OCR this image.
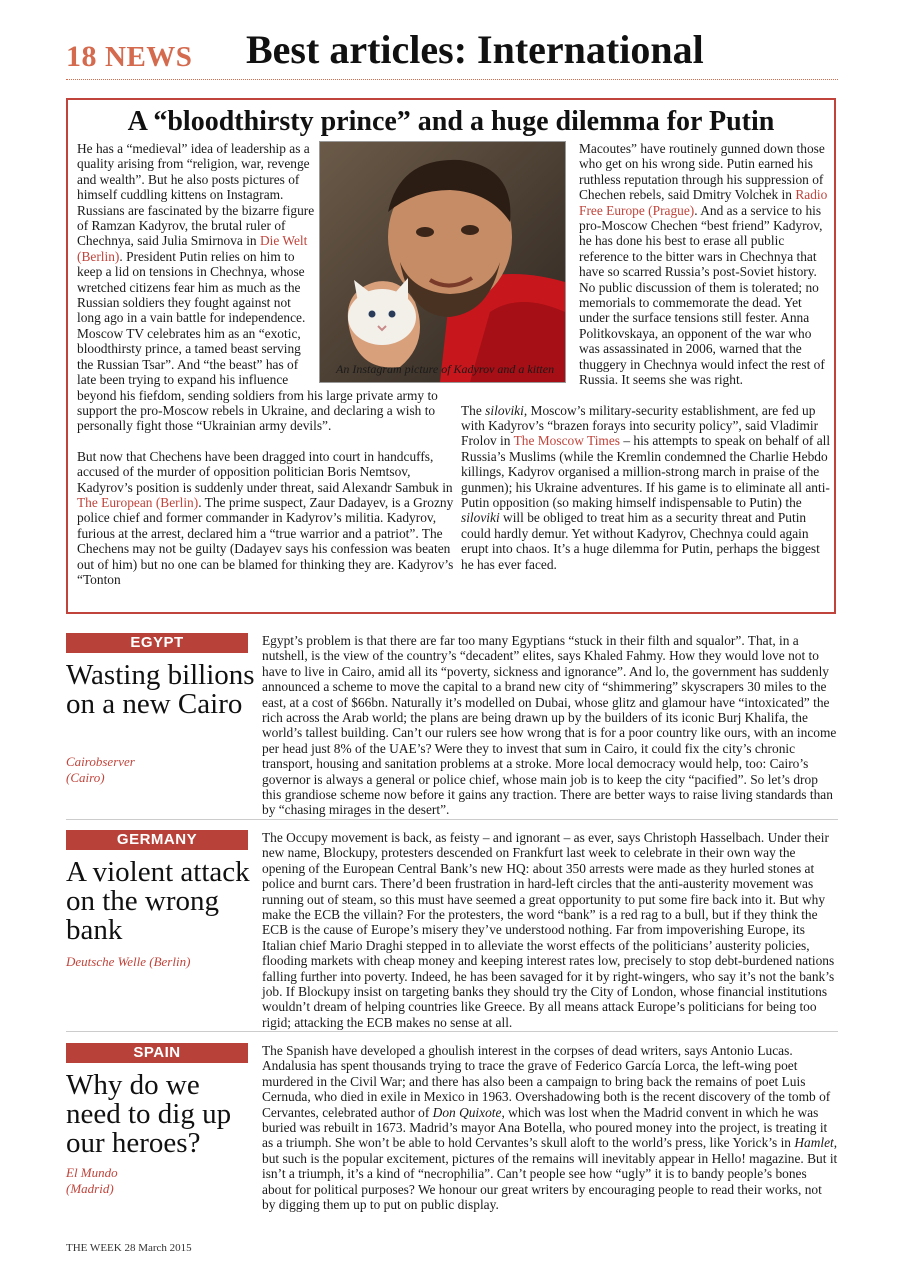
18 NEWS Best articles: International
A “bloodthirsty prince” and a huge dilemma for Putin

He has a “medieval” idea of leadership as a quality arising from “religion, war, revenge and wealth”. But he also posts pictures of himself cuddling kittens on Instagram. Russians are fascinated by the bizarre figure of Ramzan Kadyrov, the brutal ruler of Chechnya, said Julia Smirnova in Die Welt (Berlin). President Putin relies on him to keep a lid on tensions in Chechnya, whose wretched citizens fear him as much as the Russian soldiers they fought against not long ago in a vain battle for independence. Moscow TV celebrates him as an “exotic, bloodthirsty prince, a tamed beast serving the Russian Tsar”. And “the beast” has of late been trying to expand his influence beyond his fiefdom, sending soldiers from his large private army to support the pro-Moscow rebels in Ukraine, and declaring a wish to personally fight those “Ukrainian army devils”.

But now that Chechens have been dragged into court in handcuffs, accused of the murder of opposition politician Boris Nemtsov, Kadyrov’s position is suddenly under threat, said Alexandr Sambuk in The European (Berlin). The prime suspect, Zaur Dadayev, is a Grozny police chief and former commander in Kadyrov’s militia. Kadyrov, furious at the arrest, declared him a “true warrior and a patriot”. The Chechens may not be guilty (Dadayev says his confession was beaten out of him) but no one can be blamed for thinking they are. Kadyrov’s “Tonton

Macoutes” have routinely gunned down those who get on his wrong side. Putin earned his ruthless reputation through his suppression of Chechen rebels, said Dmitry Volchek in Radio Free Europe (Prague). And as a service to his pro-Moscow Chechen “best friend” Kadyrov, he has done his best to erase all public reference to the bitter wars in Chechnya that have so scarred Russia’s post-Soviet history. No public discussion of them is tolerated; no memorials to commemorate the dead. Yet under the surface tensions still fester. Anna Politkovskaya, an opponent of the war who was assassinated in 2006, warned that the thuggery in Chechnya would infect the rest of Russia. It seems she was right.

The siloviki, Moscow’s military-security establishment, are fed up with Kadyrov’s “brazen forays into security policy”, said Vladimir Frolov in The Moscow Times – his attempts to speak on behalf of all Russia’s Muslims (while the Kremlin condemned the Charlie Hebdo killings, Kadyrov organised a million-strong march in praise of the gunmen); his Ukraine adventures. If his game is to eliminate all anti-Putin opposition (so making himself indispensable to Putin) the siloviki will be obliged to treat him as a security threat and Putin could hardly demur. Yet without Kadyrov, Chechnya could again erupt into chaos. It’s a huge dilemma for Putin, perhaps the biggest he has ever faced.

An Instagram picture of Kadyrov and a kitten
EGYPT
Wasting billions on a new Cairo
Cairobserver (Cairo)

Egypt’s problem is that there are far too many Egyptians “stuck in their filth and squalor”. That, in a nutshell, is the view of the country’s “decadent” elites, says Khaled Fahmy. How they would love not to have to live in Cairo, amid all its “poverty, sickness and ignorance”. And lo, the government has suddenly announced a scheme to move the capital to a brand new city of “shimmering” skyscrapers 30 miles to the east, at a cost of $66bn. Naturally it’s modelled on Dubai, whose glitz and glamour have “intoxicated” the rich across the Arab world; the plans are being drawn up by the builders of its iconic Burj Khalifa, the world’s tallest building. Can’t our rulers see how wrong that is for a poor country like ours, with an income per head just 8% of the UAE’s? Were they to invest that sum in Cairo, it could fix the city’s chronic transport, housing and sanitation problems at a stroke. More local democracy would help, too: Cairo’s governor is always a general or police chief, whose main job is to keep the city “pacified”. So let’s drop this grandiose scheme now before it gains any traction. There are better ways to raise living standards than by “chasing mirages in the desert”.

GERMANY
A violent attack on the wrong bank
Deutsche Welle (Berlin)

The Occupy movement is back, as feisty – and ignorant – as ever, says Christoph Hasselbach. Under their new name, Blockupy, protesters descended on Frankfurt last week to celebrate in their own way the opening of the European Central Bank’s new HQ: about 350 arrests were made as they hurled stones at police and burnt cars. There’d been frustration in hard-left circles that the anti-austerity movement was running out of steam, so this must have seemed a great opportunity to put some fire back into it. But why make the ECB the villain? For the protesters, the word “bank” is a red rag to a bull, but if they think the ECB is the cause of Europe’s misery they’ve understood nothing. Far from impoverishing Europe, its Italian chief Mario Draghi stepped in to alleviate the worst effects of the politicians’ austerity policies, flooding markets with cheap money and keeping interest rates low, precisely to stop debt-burdened nations falling further into poverty. Indeed, he has been savaged for it by right-wingers, who say it’s not the bank’s job. If Blockupy insist on targeting banks they should try the City of London, whose financial institutions wouldn’t dream of helping countries like Greece. By all means attack Europe’s politicians for being too rigid; attacking the ECB makes no sense at all.

SPAIN
Why do we need to dig up our heroes?
El Mundo (Madrid)

The Spanish have developed a ghoulish interest in the corpses of dead writers, says Antonio Lucas. Andalusia has spent thousands trying to trace the grave of Federico García Lorca, the left-wing poet murdered in the Civil War; and there has also been a campaign to bring back the remains of poet Luis Cernuda, who died in exile in Mexico in 1963. Overshadowing both is the recent discovery of the tomb of Cervantes, celebrated author of Don Quixote, which was lost when the Madrid convent in which he was buried was rebuilt in 1673. Madrid’s mayor Ana Botella, who poured money into the project, is treating it as a triumph. She won’t be able to hold Cervantes’s skull aloft to the world’s press, like Yorick’s in Hamlet, but such is the popular excitement, pictures of the remains will inevitably appear in Hello! magazine. But it isn’t a triumph, it’s a kind of “necrophilia”. Can’t people see how “ugly” it is to bandy people’s bones about for political purposes? We honour our great writers by encouraging people to read their works, not by digging them up to put on public display.

THE WEEK 28 March 2015
